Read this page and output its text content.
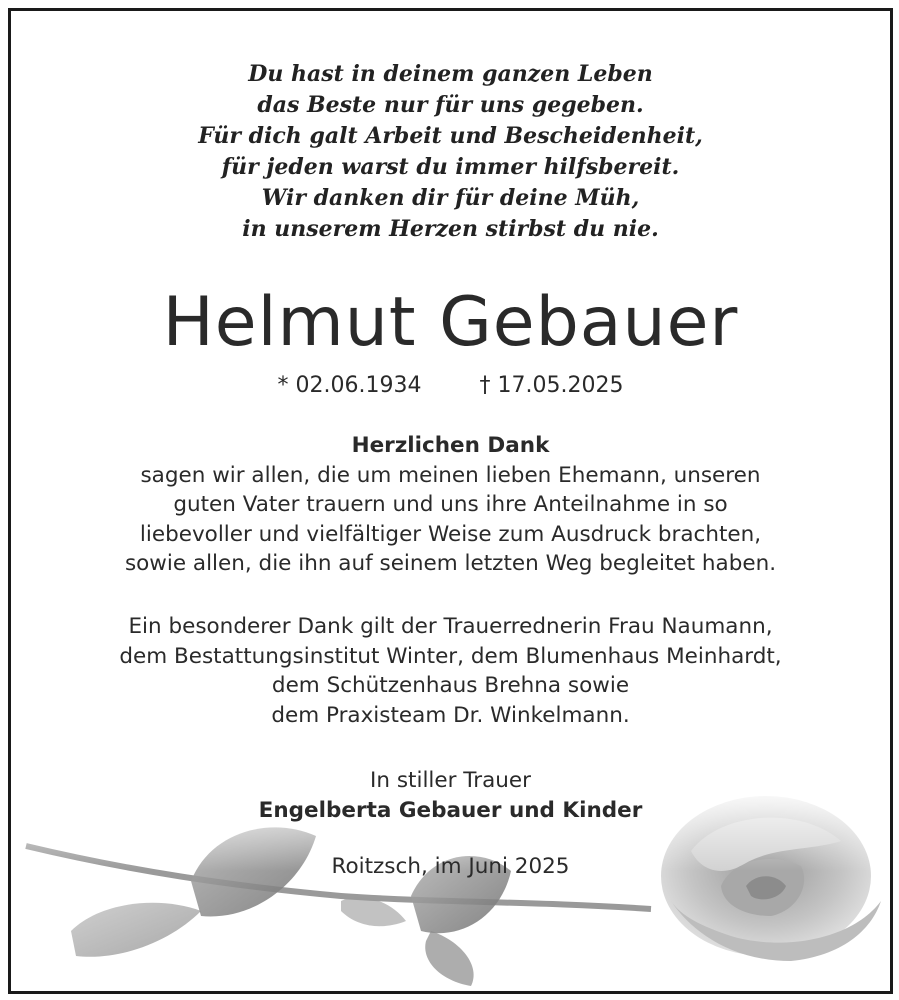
Du hast in deinem ganzen Leben
das Beste nur für uns gegeben.
Für dich galt Arbeit und Bescheidenheit,
für jeden warst du immer hilfsbereit.
Wir danken dir für deine Müh,
in unserem Herzen stirbst du nie.
Helmut Gebauer
* 02.06.1934	† 17.05.2025
Herzlichen Dank
sagen wir allen, die um meinen lieben Ehemann, unseren
guten Vater trauern und uns ihre Anteilnahme in so
liebevoller und vielfältiger Weise zum Ausdruck brachten,
sowie allen, die ihn auf seinem letzten Weg begleitet haben.
Ein besonderer Dank gilt der Trauerrednerin Frau Naumann,
dem Bestattungsinstitut Winter, dem Blumenhaus Meinhardt,
dem Schützenhaus Brehna sowie
dem Praxisteam Dr. Winkelmann.
In stiller Trauer
Engelberta Gebauer und Kinder
Roitzsch, im Juni 2025
